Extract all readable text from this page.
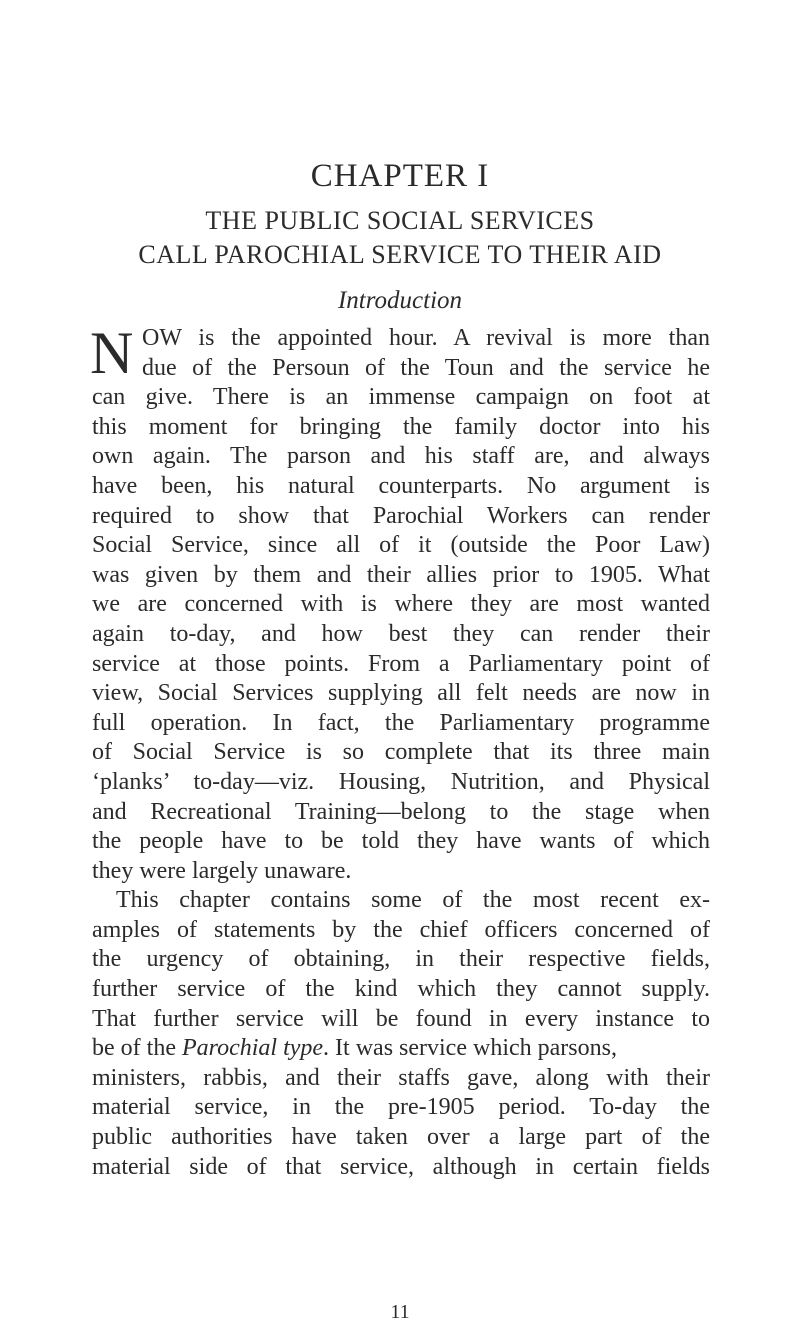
CHAPTER I
THE PUBLIC SOCIAL SERVICES
CALL PAROCHIAL SERVICE TO THEIR AID
Introduction
N OW is the appointed hour. A revival is more than
due of the Persoun of the Toun and the service he
can give. There is an immense campaign on foot at
this moment for bringing the family doctor into his
own again. The parson and his staff are, and always
have been, his natural counterparts. No argument is
required to show that Parochial Workers can render
Social Service, since all of it (outside the Poor Law)
was given by them and their allies prior to 1905. What
we are concerned with is where they are most wanted
again to-day, and how best they can render their
service at those points. From a Parliamentary point of
view, Social Services supplying all felt needs are now in
full operation. In fact, the Parliamentary programme
of Social Service is so complete that its three main
‘planks’ to-day—viz. Housing, Nutrition, and Physical
and Recreational Training—belong to the stage when
the people have to be told they have wants of which
they were largely unaware.
This chapter contains some of the most recent ex-
amples of statements by the chief officers concerned of
the urgency of obtaining, in their respective fields,
further service of the kind which they cannot supply.
That further service will be found in every instance to
be of the Parochial type. It was service which parsons,
ministers, rabbis, and their staffs gave, along with their
material service, in the pre-1905 period. To-day the
public authorities have taken over a large part of the
material side of that service, although in certain fields
11
